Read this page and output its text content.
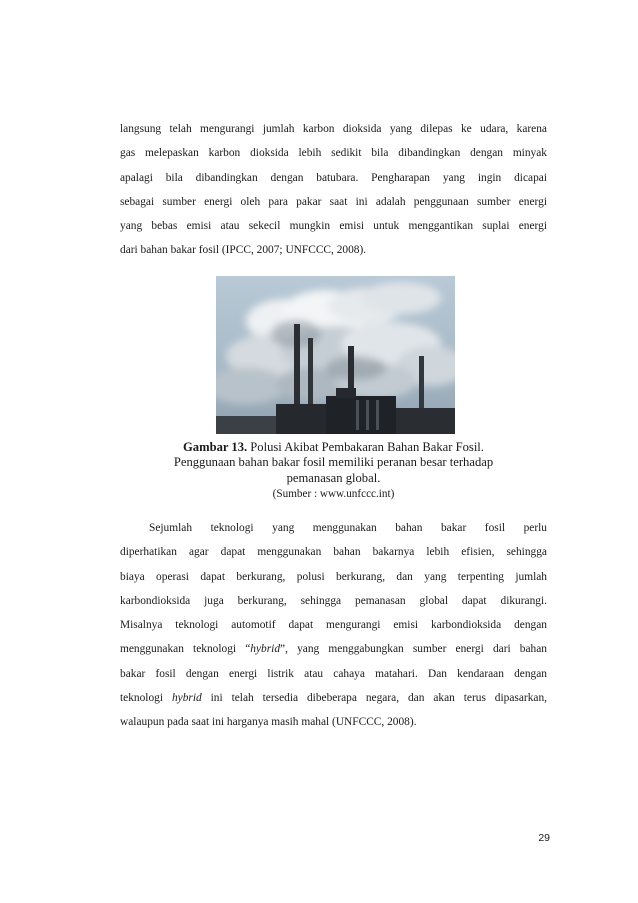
langsung telah mengurangi jumlah karbon dioksida yang dilepas ke udara, karena
gas melepaskan karbon dioksida lebih sedikit bila dibandingkan dengan minyak
apalagi bila dibandingkan dengan batubara. Pengharapan yang ingin dicapai
sebagai sumber energi oleh para pakar saat ini adalah penggunaan sumber energi
yang bebas emisi atau sekecil mungkin emisi untuk menggantikan suplai energi
dari bahan bakar fosil (IPCC, 2007; UNFCCC, 2008).
Gambar 13. Polusi Akibat Pembakaran Bahan Bakar Fosil.
Penggunaan bahan bakar fosil memiliki peranan besar terhadap
pemanasan global.
(Sumber : www.unfccc.int)
Sejumlah teknologi yang menggunakan bahan bakar fosil perlu
diperhatikan agar dapat menggunakan bahan bakarnya lebih efisien, sehingga
biaya operasi dapat berkurang, polusi berkurang, dan yang terpenting jumlah
karbondioksida juga berkurang, sehingga pemanasan global dapat dikurangi.
Misalnya teknologi automotif dapat mengurangi emisi karbondioksida dengan
menggunakan teknologi “hybrid”, yang menggabungkan sumber energi dari bahan
bakar fosil dengan energi listrik atau cahaya matahari. Dan kendaraan dengan
teknologi hybrid ini telah tersedia dibeberapa negara, dan akan terus dipasarkan,
walaupun pada saat ini harganya masih mahal (UNFCCC, 2008).
29
